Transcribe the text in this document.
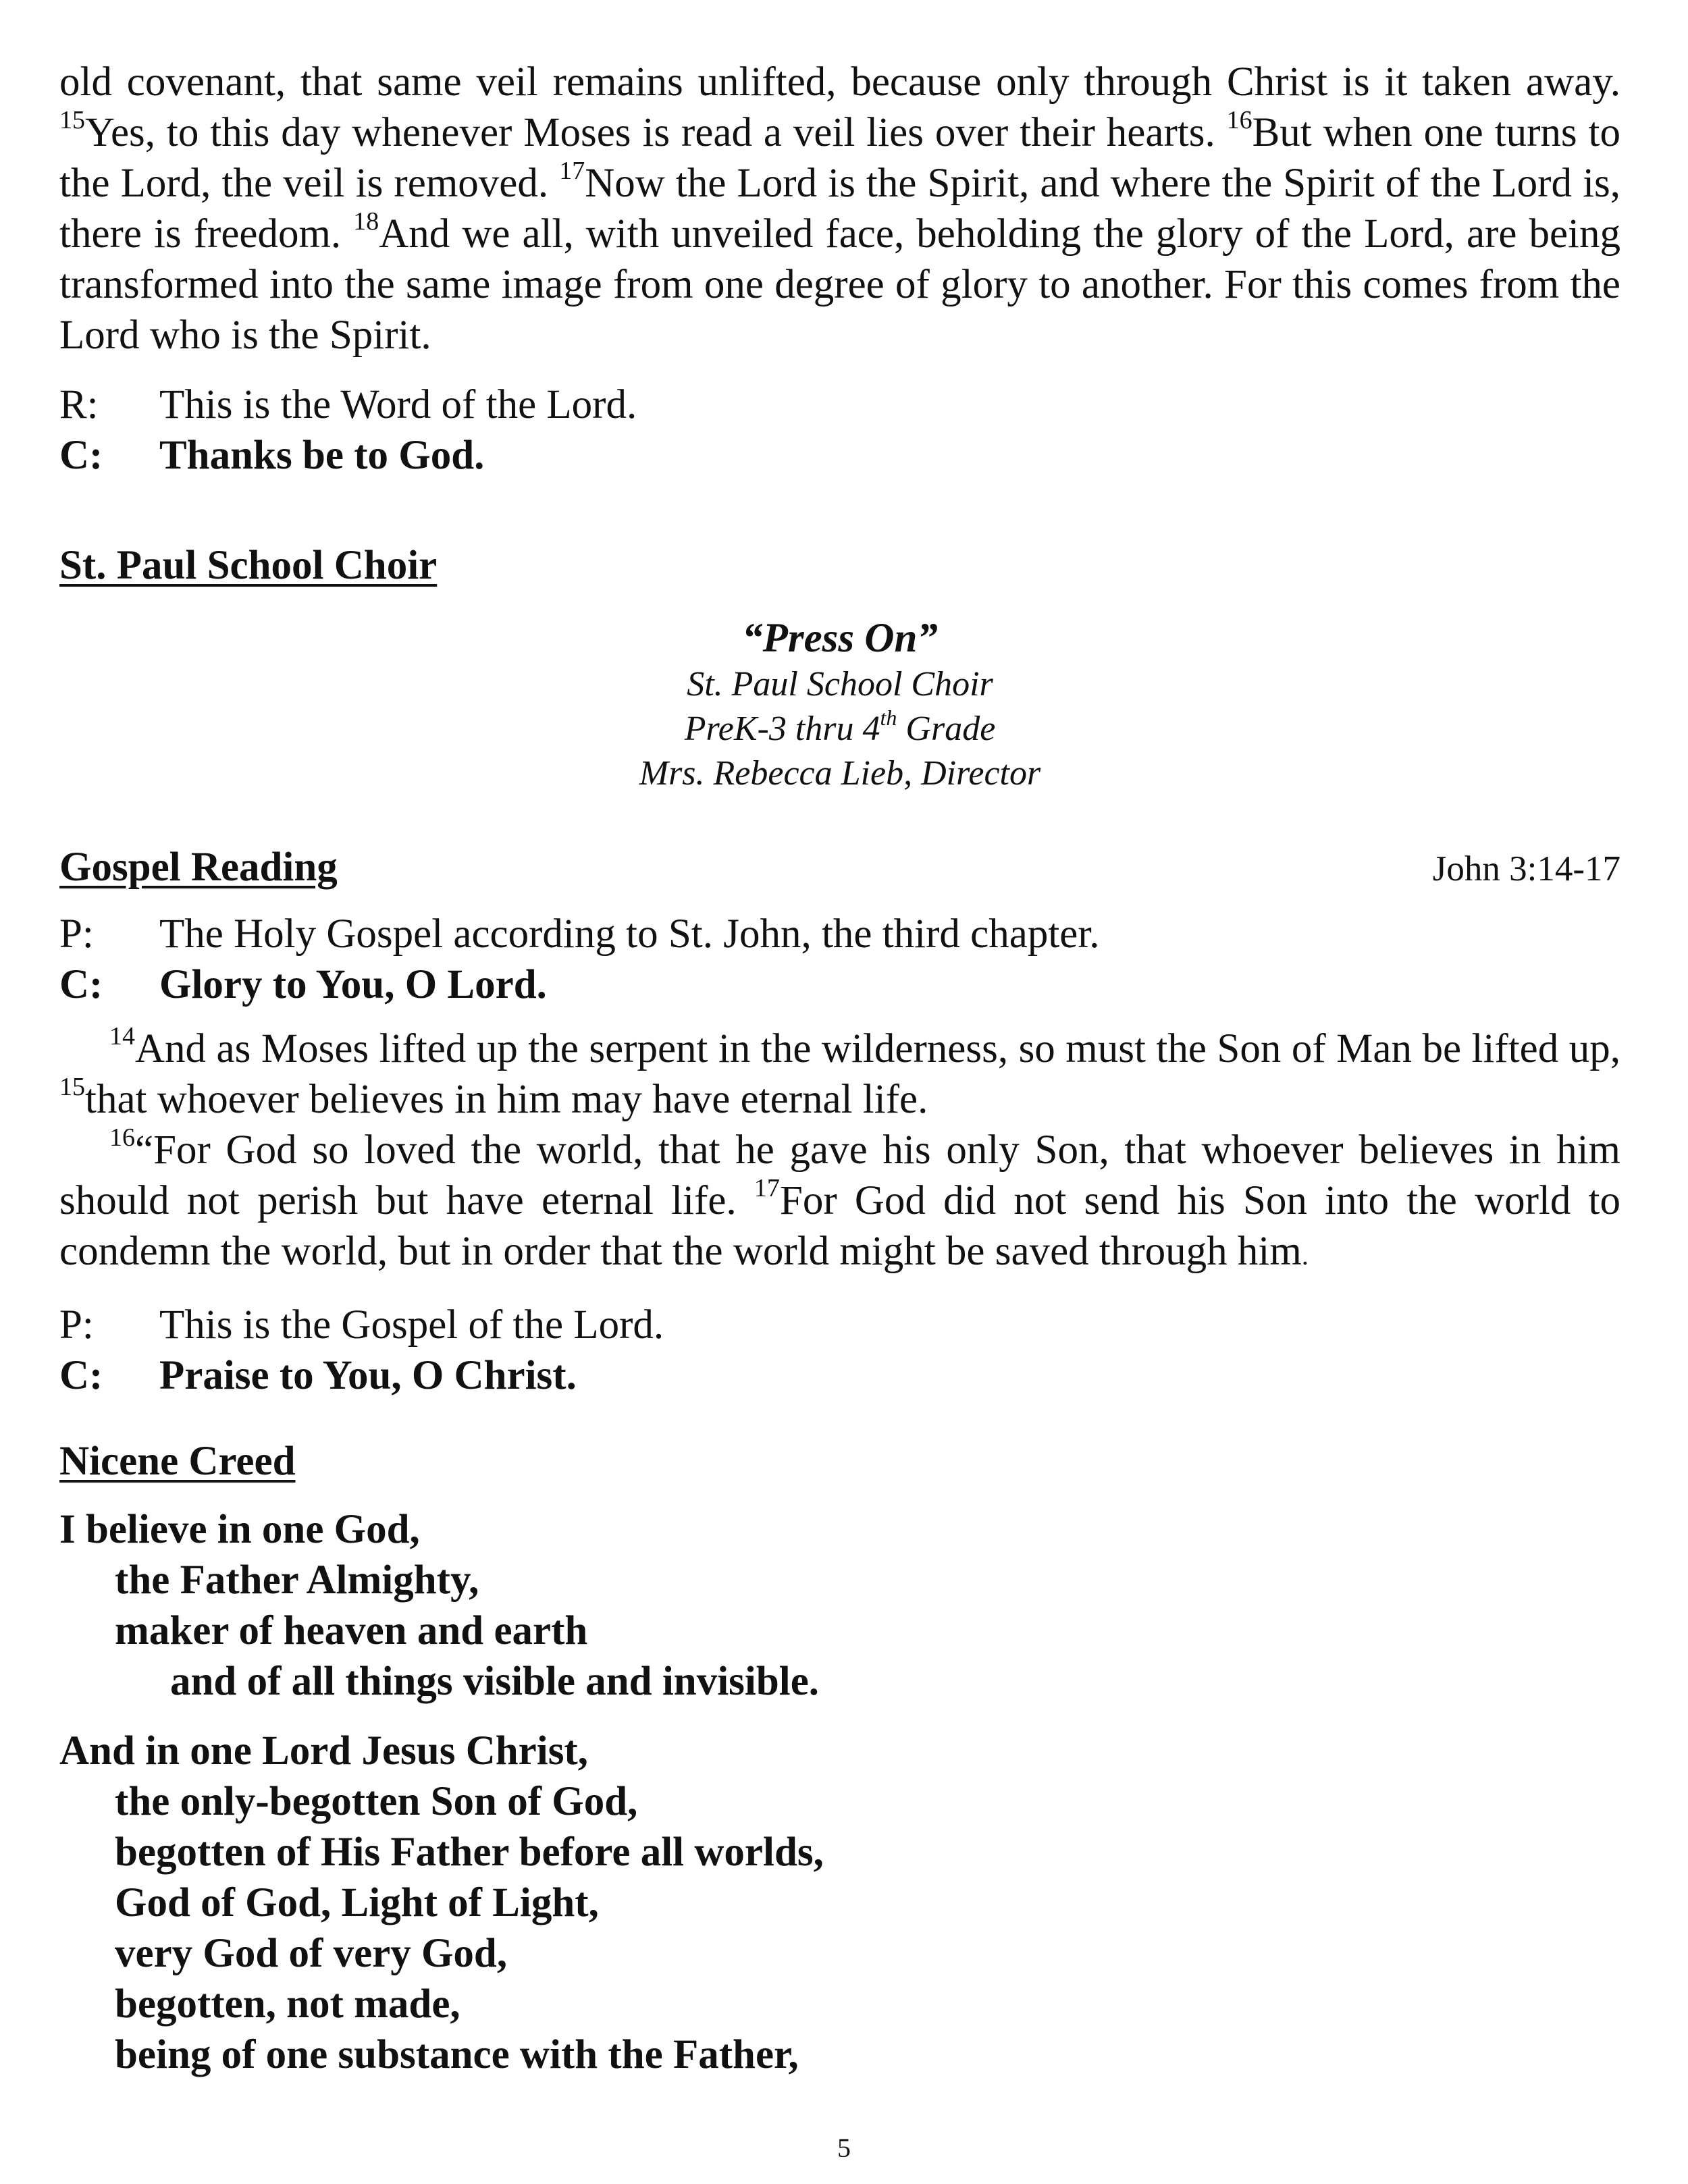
old covenant, that same veil remains unlifted, because only through Christ is it taken away. $^{15}$Yes, to this day whenever Moses is read a veil lies over their hearts. $^{16}$But when one turns to the Lord, the veil is removed. $^{17}$Now the Lord is the Spirit, and where the Spirit of the Lord is, there is freedom. $^{18}$And we all, with unveiled face, beholding the glory of the Lord, are being transformed into the same image from one degree of glory to another. For this comes from the Lord who is the Spirit.

R:	This is the Word of the Lord.
C:	Thanks be to God.
St. Paul School Choir
“Press On”
St. Paul School Choir
PreK-3 thru 4th Grade
Mrs. Rebecca Lieb, Director
Gospel Reading	John 3:14-17
P:	The Holy Gospel according to St. John, the third chapter.
C:	Glory to You, O Lord.

$^{14}$And as Moses lifted up the serpent in the wilderness, so must the Son of Man be lifted up, $^{15}$that whoever believes in him may have eternal life.

$^{16}$“For God so loved the world, that he gave his only Son, that whoever believes in him should not perish but have eternal life. $^{17}$For God did not send his Son into the world to condemn the world, but in order that the world might be saved through him.

P:	This is the Gospel of the Lord.
C:	Praise to You, O Christ.
Nicene Creed

I believe in one God,

the Father Almighty,

maker of heaven and earth

and of all things visible and invisible.

And in one Lord Jesus Christ,

the only-begotten Son of God,

begotten of His Father before all worlds,

God of God, Light of Light,

very God of very God,

begotten, not made,

being of one substance with the Father,

5
